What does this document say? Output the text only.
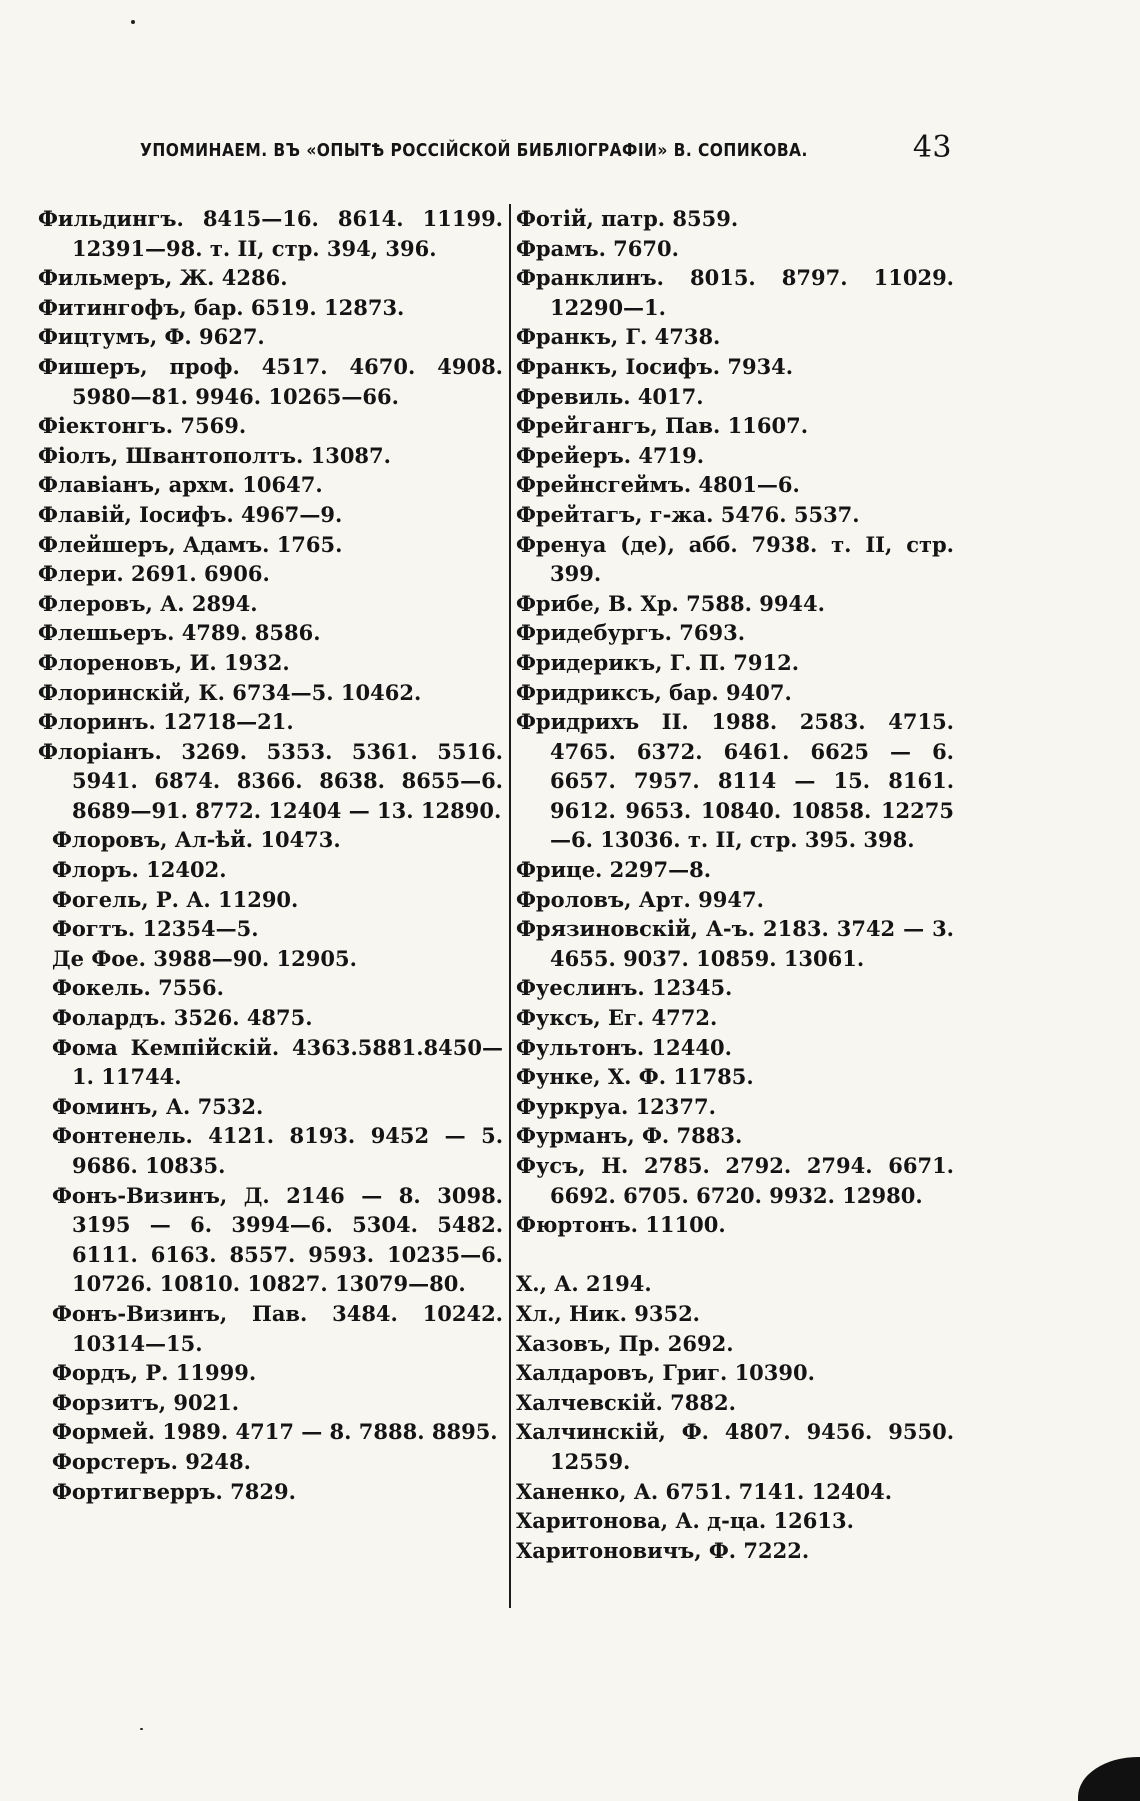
УПОМИНАЕМ. ВЪ «ОПЫТѢ РОССІЙСКОЙ БИБЛІОГРАФІИ» В. СОПИКОВА.	43
Фильдингъ. 8415—16. 8614. 11199. 12391—98. т. II, стр. 394, 396.
Фильмеръ, Ж. 4286.
Фитингофъ, бар. 6519. 12873.
Фицтумъ, Ф. 9627.
Фишеръ, проф. 4517. 4670. 4908. 5980—81. 9946. 10265—66.
Фіектонгъ. 7569.
Фіолъ, Швантополтъ. 13087.
Флавіанъ, архм. 10647.
Флавій, Іосифъ. 4967—9.
Флейшеръ, Адамъ. 1765.
Флери. 2691. 6906.
Флеровъ, А. 2894.
Флешьеръ. 4789. 8586.
Флореновъ, И. 1932.
Флоринскій, К. 6734—5. 10462.
Флоринъ. 12718—21.
Флоріанъ. 3269. 5353. 5361. 5516. 5941. 6874. 8366. 8638. 8655—6. 8689—91. 8772. 12404 — 13. 12890.
Флоровъ, Ал-ѣй. 10473.
Флоръ. 12402.
Фогель, Р. А. 11290.
Фогтъ. 12354—5.
Де Фое. 3988—90. 12905.
Фокель. 7556.
Фолардъ. 3526. 4875.
Фома Кемпійскій. 4363.5881.8450—1. 11744.
Фоминъ, А. 7532.
Фонтенель. 4121. 8193. 9452 — 5. 9686. 10835.
Фонъ-Визинъ, Д. 2146 — 8. 3098. 3195 — 6. 3994—6. 5304. 5482. 6111. 6163. 8557. 9593. 10235—6. 10726. 10810. 10827. 13079—80.
Фонъ-Визинъ, Пав. 3484. 10242. 10314—15.
Фордъ, Р. 11999.
Форзитъ, 9021.
Формей. 1989. 4717 — 8. 7888. 8895.
Форстеръ. 9248.
Фортигверръ. 7829.
Фотій, патр. 8559.
Фрамъ. 7670.
Франклинъ. 8015. 8797. 11029. 12290—1.
Франкъ, Г. 4738.
Франкъ, Іосифъ. 7934.
Фревиль. 4017.
Фрейгангъ, Пав. 11607.
Фрейеръ. 4719.
Фрейнсгеймъ. 4801—6.
Фрейтагъ, г-жа. 5476. 5537.
Френуа (де), абб. 7938. т. II, стр. 399.
Фрибе, В. Хр. 7588. 9944.
Фридебургъ. 7693.
Фридерикъ, Г. П. 7912.
Фридриксъ, бар. 9407.
Фридрихъ II. 1988. 2583. 4715. 4765. 6372. 6461. 6625 — 6. 6657. 7957. 8114 — 15. 8161. 9612. 9653. 10840. 10858. 12275—6. 13036. т. II, стр. 395. 398.
Фрице. 2297—8.
Фроловъ, Арт. 9947.
Фрязиновскій, А-ъ. 2183. 3742 — 3. 4655. 9037. 10859. 13061.
Фуеслинъ. 12345.
Фуксъ, Ег. 4772.
Фультонъ. 12440.
Функе, Х. Ф. 11785.
Фуркруа. 12377.
Фурманъ, Ф. 7883.
Фусъ, Н. 2785. 2792. 2794. 6671. 6692. 6705. 6720. 9932. 12980.
Фюртонъ. 11100.
Х., А. 2194.
Хл., Ник. 9352.
Хазовъ, Пр. 2692.
Халдаровъ, Григ. 10390.
Халчевскій. 7882.
Халчинскій, Ф. 4807. 9456. 9550. 12559.
Ханенко, А. 6751. 7141. 12404.
Харитонова, А. д-ца. 12613.
Харитоновичъ, Ф. 7222.
